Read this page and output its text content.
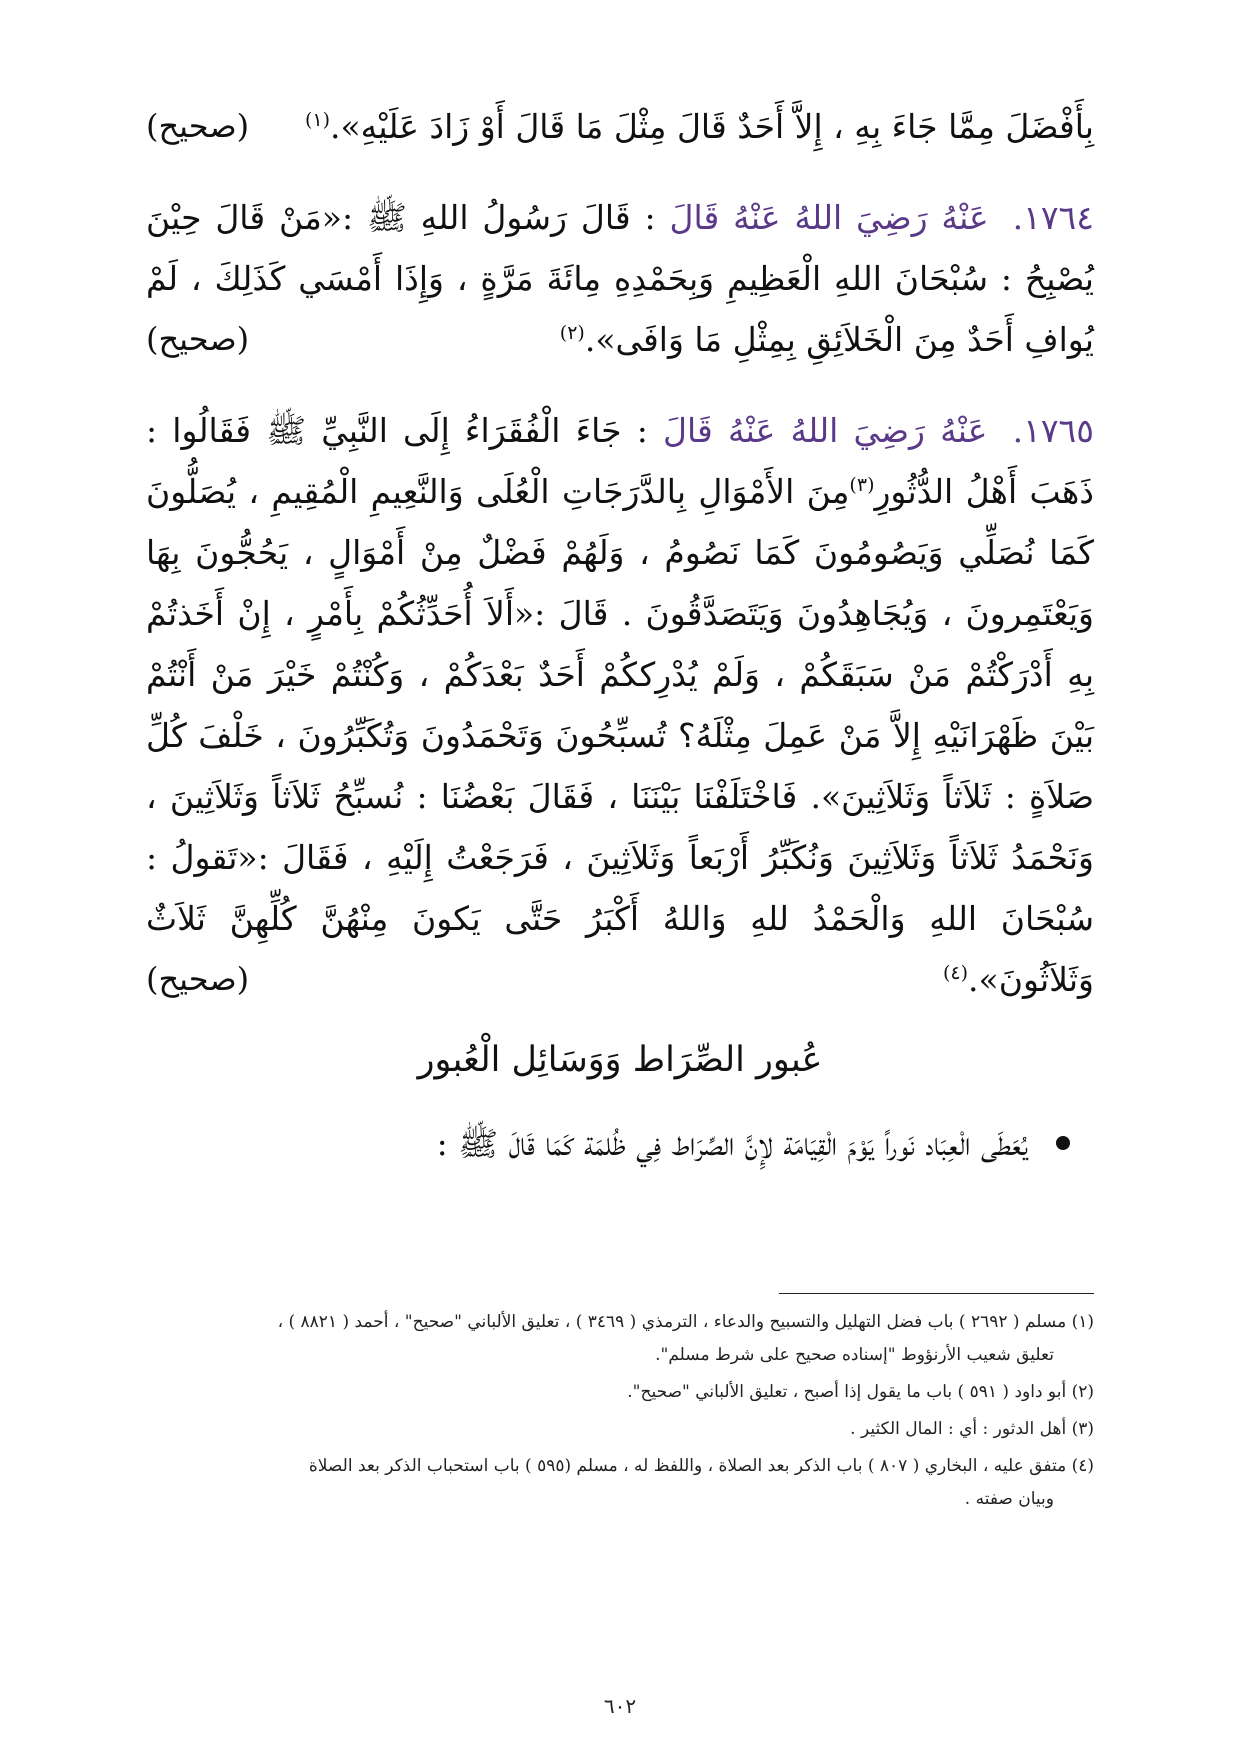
(صحيح) بِأَفْضَلَ مِمَّا جَاءَ بِهِ ، إِلاَّ أَحَدٌ قَالَ مِثْلَ مَا قَالَ أَوْ زَادَ عَلَيْهِ».$^{(١)}$

١٧٦٤. عَنْهُ رَضِيَ اللهُ عَنْهُ قَالَ : قَالَ رَسُولُ اللهِ ﷺ :«مَنْ قَالَ حِيْنَ يُصْبِحُ : سُبْحَانَ اللهِ الْعَظِيمِ وَبِحَمْدِهِ مِائَةَ مَرَّةٍ ، وَإِذَا أَمْسَي كَذَلِكَ ، لَمْ يُوافِ أَحَدٌ مِنَ الْخَلاَئِقِ بِمِثْلِ مَا وَافَى».$^{(٢)}$
(صحيح)

١٧٦٥. عَنْهُ رَضِيَ اللهُ عَنْهُ قَالَ : جَاءَ الْفُقَرَاءُ إِلَى النَّبِيِّ ﷺ فَقَالُوا : ذَهَبَ أَهْلُ الدُّثُورِ$^{(٣)}$مِنَ الأَمْوَالِ بِالدَّرَجَاتِ الْعُلَى وَالنَّعِيمِ الْمُقِيمِ ، يُصَلُّونَ كَمَا نُصَلِّي وَيَصُومُونَ كَمَا نَصُومُ ، وَلَهُمْ فَضْلٌ مِنْ أَمْوَالٍ ، يَحُجُّونَ بِهَا وَيَعْتَمِرونَ ، وَيُجَاهِدُونَ وَيَتَصَدَّقُونَ . قَالَ :«أَلاَ أُحَدِّثُكُمْ بِأَمْرٍ ، إِنْ أَخَذتُمْ بِهِ أَدْرَكْتُمْ مَنْ سَبَقَكُمْ ، وَلَمْ يُدْرِككُمْ أَحَدٌ بَعْدَكُمْ ، وَكُنْتُمْ خَيْرَ مَنْ أَنْتُمْ بَيْنَ ظَهْرَانَيْهِ إِلاَّ مَنْ عَمِلَ مِثْلَهُ؟ تُسبِّحُونَ وَتَحْمَدُونَ وَتُكَبِّرُونَ ، خَلْفَ كُلِّ صَلاَةٍ : ثَلاَثاً وَثَلاَثِينَ». فَاخْتَلَفْنَا بَيْنَنَا ، فَقَالَ بَعْضُنَا : نُسبِّحُ ثَلاَثاً وَثَلاَثِينَ ، وَنَحْمَدُ ثَلاَثاً وَثَلاَثِينَ وَنُكَبِّرُ أَرْبَعاً وَثَلاَثِينَ ، فَرَجَعْتُ إِلَيْهِ ، فَقَالَ :«تَقولُ : سُبْحَانَ اللهِ وَالْحَمْدُ للهِ وَاللهُ أَكْبَرُ حَتَّى يَكونَ مِنْهُنَّ كُلِّهِنَّ ثَلاَثٌ وَثَلاَثُونَ».$^{(٤)}$
(صحيح)

عُبور الصِّرَاط وَوَسَائِل الْعُبور
يُعَطَى الْعِبَاد نَوراً يَوْمَ الْقِيَامَة لإِنَّ الصِّرَاط فِي ظُلمَة كَمَا قَالَ ﷺ :
(١) مسلم ( ٢٦٩٢ ) باب فضل التهليل والتسبيح والدعاء ، الترمذي ( ٣٤٦٩ ) ، تعليق الألباني "صحيح" ، أحمد ( ٨٨٢١ ) ،
تعليق شعيب الأرنؤوط "إسناده صحيح على شرط مسلم".
(٢) أبو داود ( ٥٩١ ) باب ما يقول إذا أصبح ، تعليق الألباني "صحيح".
(٣) أهل الدثور : أي : المال الكثير .
(٤) متفق عليه ، البخاري ( ٨٠٧ ) باب الذكر بعد الصلاة ، واللفظ له ، مسلم (٥٩٥ ) باب استحباب الذكر بعد الصلاة
وبيان صفته .
٦٠٢
